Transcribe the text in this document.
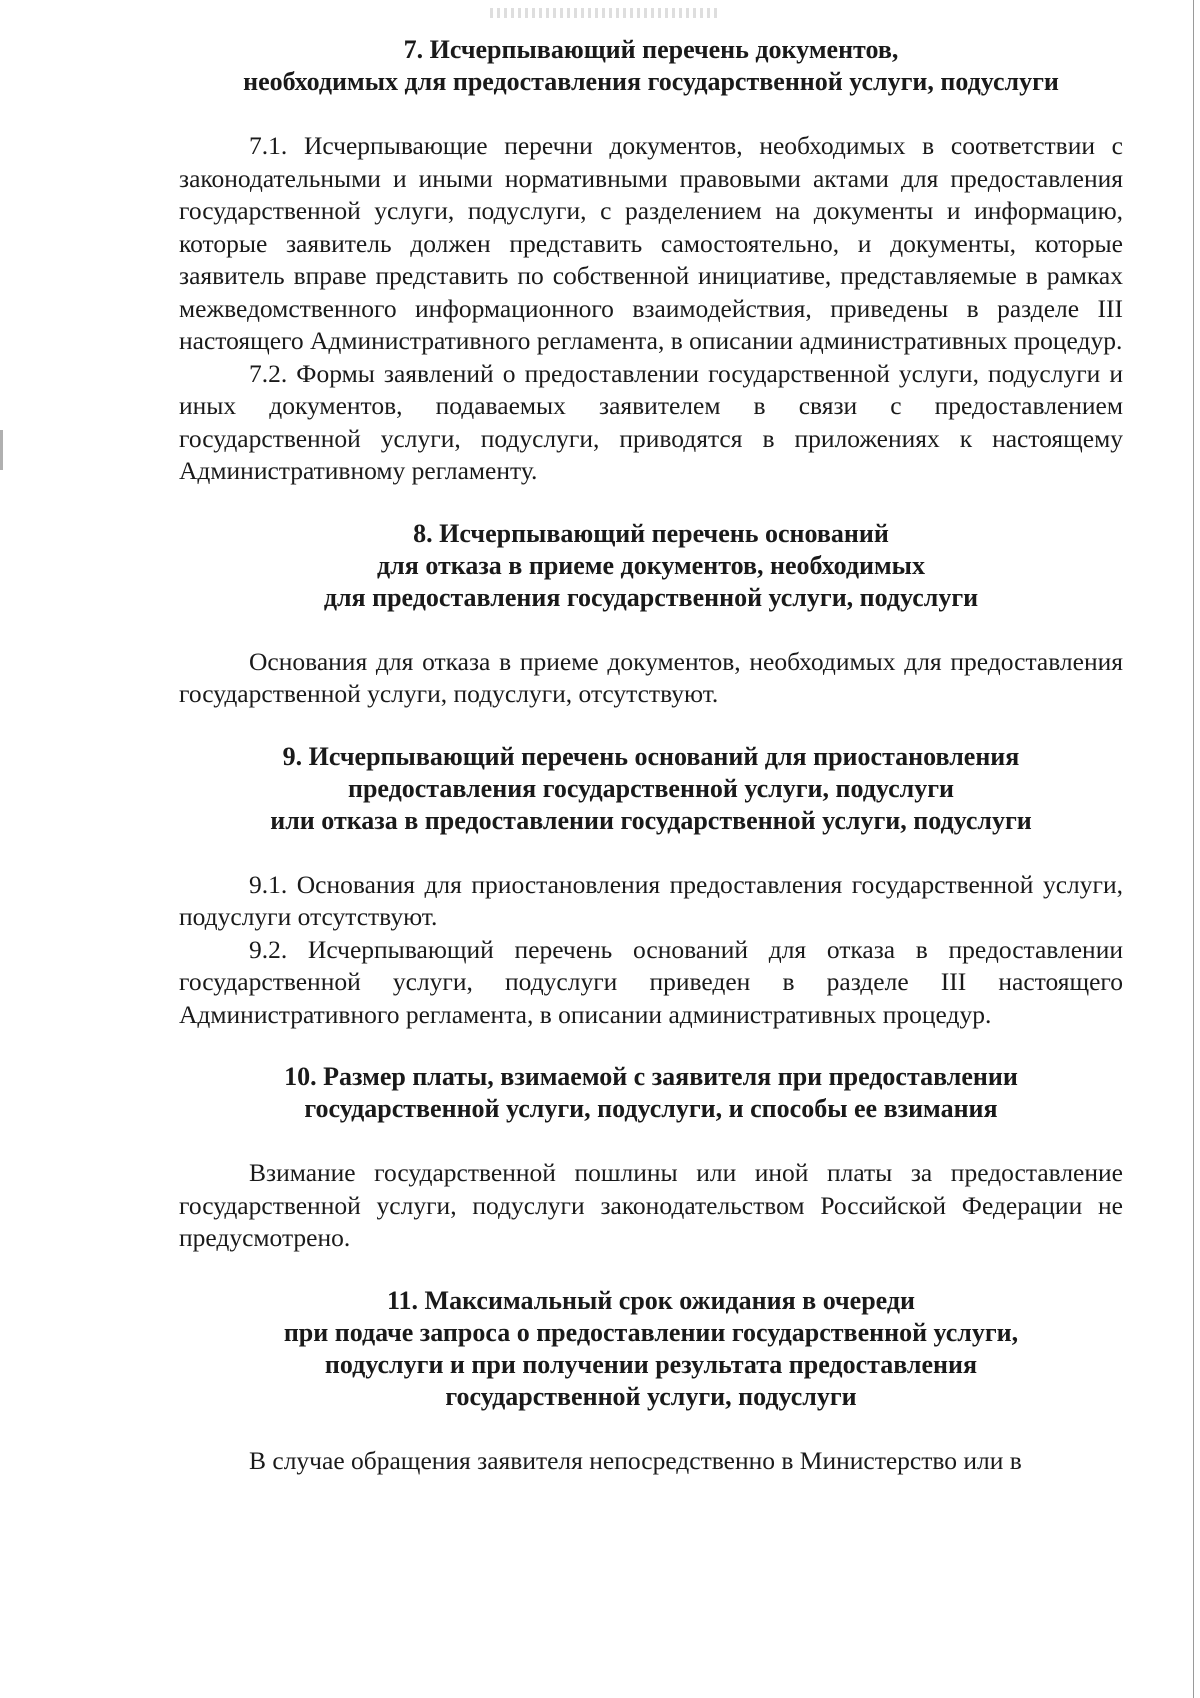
7. Исчерпывающий перечень документов,
необходимых для предоставления государственной услуги, подуслуги

7.1. Исчерпывающие перечни документов, необходимых в соответствии с законодательными и иными нормативными правовыми актами для предоставления государственной услуги, подуслуги, с разделением на документы и информацию, которые заявитель должен представить самостоятельно, и документы, которые заявитель вправе представить по собственной инициативе, представляемые в рамках межведомственного информационного взаимодействия, приведены в разделе III настоящего Административного регламента, в описании административных процедур.

7.2. Формы заявлений о предоставлении государственной услуги, подуслуги и иных документов, подаваемых заявителем в связи с предоставлением государственной услуги, подуслуги, приводятся в приложениях к настоящему Административному регламенту.

8. Исчерпывающий перечень оснований
для отказа в приеме документов, необходимых
для предоставления государственной услуги, подуслуги

Основания для отказа в приеме документов, необходимых для предоставления государственной услуги, подуслуги, отсутствуют.

9. Исчерпывающий перечень оснований для приостановления
предоставления государственной услуги, подуслуги
или отказа в предоставлении государственной услуги, подуслуги

9.1. Основания для приостановления предоставления государственной услуги, подуслуги отсутствуют.

9.2. Исчерпывающий перечень оснований для отказа в предоставлении государственной услуги, подуслуги приведен в разделе III настоящего Административного регламента, в описании административных процедур.

10. Размер платы, взимаемой с заявителя при предоставлении
государственной услуги, подуслуги, и способы ее взимания

Взимание государственной пошлины или иной платы за предоставление государственной услуги, подуслуги законодательством Российской Федерации не предусмотрено.

11. Максимальный срок ожидания в очереди
при подаче запроса о предоставлении государственной услуги,
подуслуги и при получении результата предоставления
государственной услуги, подуслуги

В случае обращения заявителя непосредственно в Министерство или в
